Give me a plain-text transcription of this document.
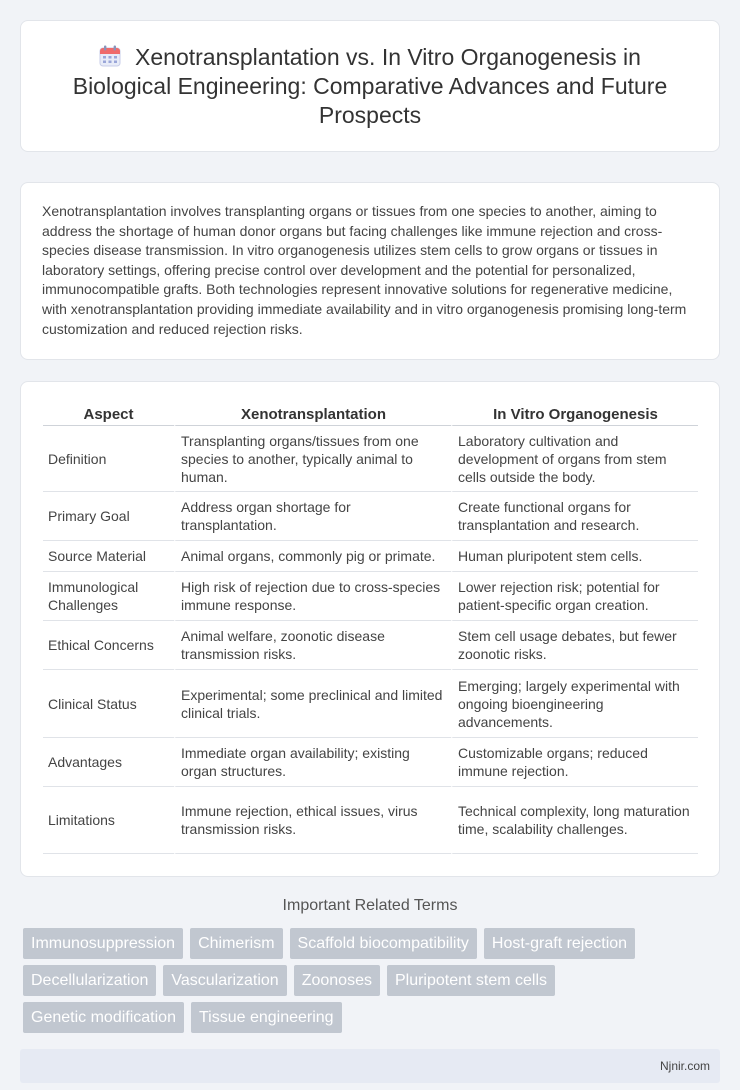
Xenotransplantation vs. In Vitro Organogenesis in Biological Engineering: Comparative Advances and Future Prospects

Xenotransplantation involves transplanting organs or tissues from one species to another, aiming to address the shortage of human donor organs but facing challenges like immune rejection and cross-species disease transmission. In vitro organogenesis utilizes stem cells to grow organs or tissues in laboratory settings, offering precise control over development and the potential for personalized, immunocompatible grafts. Both technologies represent innovative solutions for regenerative medicine, with xenotransplantation providing immediate availability and in vitro organogenesis promising long-term customization and reduced rejection risks.

Aspect	Xenotransplantation	In Vitro Organogenesis
Definition	Transplanting organs/tissues from one species to another, typically animal to human.	Laboratory cultivation and development of organs from stem cells outside the body.
Primary Goal	Address organ shortage for transplantation.	Create functional organs for transplantation and research.
Source Material	Animal organs, commonly pig or primate.	Human pluripotent stem cells.
Immunological Challenges	High risk of rejection due to cross-species immune response.	Lower rejection risk; potential for patient-specific organ creation.
Ethical Concerns	Animal welfare, zoonotic disease transmission risks.	Stem cell usage debates, but fewer zoonotic risks.
Clinical Status	Experimental; some preclinical and limited clinical trials.	Emerging; largely experimental with ongoing bioengineering advancements.
Advantages	Immediate organ availability; existing organ structures.	Customizable organs; reduced immune rejection.
Limitations	Immune rejection, ethical issues, virus transmission risks.	Technical complexity, long maturation time, scalability challenges.
Important Related Terms
Immunosuppression	Chimerism	Scaffold biocompatibility	Host-graft rejection
Decellularization	Vascularization	Zoonoses	Pluripotent stem cells
Genetic modification	Tissue engineering
Njnir.com
